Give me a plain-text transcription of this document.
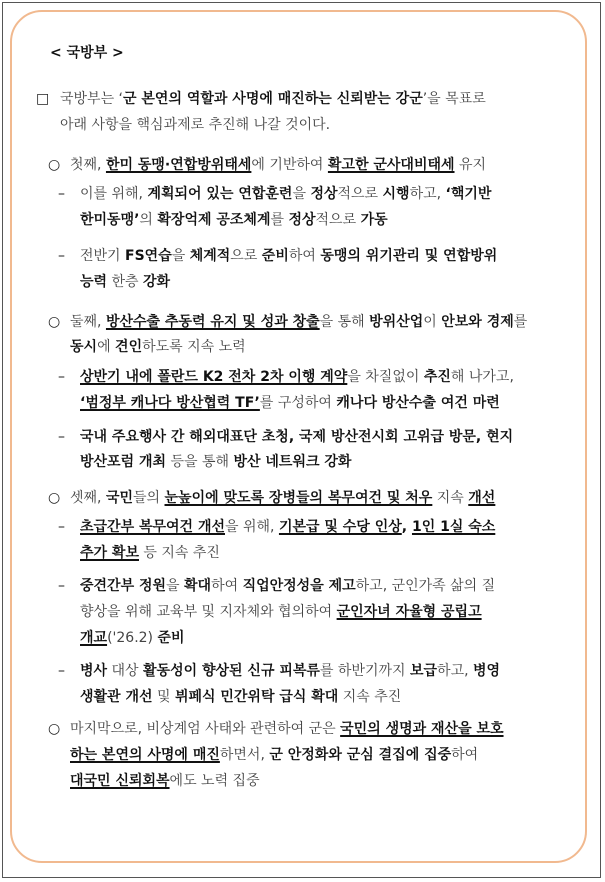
< 국방부 >
□ 국방부는 ‘군 본연의 역할과 사명에 매진하는 신뢰받는 강군’을 목표로
아래 사항을 핵심과제로 추진해 나갈 것이다.
○ 첫째, 한미 동맹·연합방위태세에 기반하여 확고한 군사대비태세 유지
– 이를 위해, 계획되어 있는 연합훈련을 정상적으로 시행하고, ‘핵기반
한미동맹’의 확장억제 공조체계를 정상적으로 가동
– 전반기 FS연습을 체계적으로 준비하여 동맹의 위기관리 및 연합방위
능력 한층 강화
○ 둘째, 방산수출 추동력 유지 및 성과 창출을 통해 방위산업이 안보와 경제를
동시에 견인하도록 지속 노력
– 상반기 내에 폴란드 K2 전차 2차 이행 계약을 차질없이 추진해 나가고,
‘범정부 캐나다 방산협력 TF’를 구성하여 캐나다 방산수출 여건 마련
– 국내 주요행사 간 해외대표단 초청, 국제 방산전시회 고위급 방문, 현지
방산포럼 개최 등을 통해 방산 네트워크 강화
○ 셋째, 국민들의 눈높이에 맞도록 장병들의 복무여건 및 처우 지속 개선
– 초급간부 복무여건 개선을 위해, 기본급 및 수당 인상, 1인 1실 숙소
추가 확보 등 지속 추진
– 중견간부 정원을 확대하여 직업안정성을 제고하고, 군인가족 삶의 질
향상을 위해 교육부 및 지자체와 협의하여 군인자녀 자율형 공립고
개교('26.2) 준비
– 병사 대상 활동성이 향상된 신규 피복류를 하반기까지 보급하고, 병영
생활관 개선 및 뷔페식 민간위탁 급식 확대 지속 추진
○ 마지막으로, 비상계엄 사태와 관련하여 군은 국민의 생명과 재산을 보호
하는 본연의 사명에 매진하면서, 군 안정화와 군심 결집에 집중하여
대국민 신뢰회복에도 노력 집중
